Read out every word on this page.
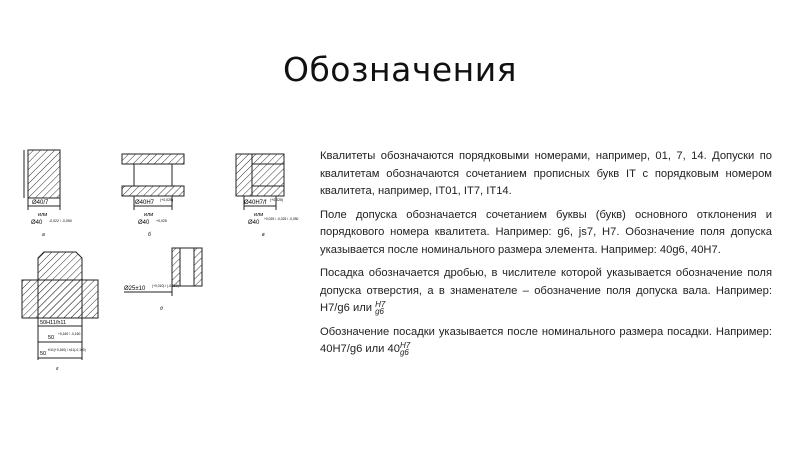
Обозначения
Ø40/7
или
Ø40 -0,022 / -0,050
а
Ø40H7 (+0,025)
или
Ø40 +0,025
б
Ø40H7/f (+0,025)
или
Ø40
+0,025 / -0,025 / -0,050
в
50H11/h11
50
+0,160 / -0,160
50
H11(+0,160) / h11(-0,160)
г
Ø25±10 (+0,010) / (-0,010)
д

Квалитеты обозначаются порядковыми номерами, например, 01, 7, 14. Допуски по квалитетам обозначаются сочетанием прописных букв IT с порядковым номером квалитета, например, IT01, IT7, IT14.

Поле допуска обозначается сочетанием буквы (букв) основного отклонения и порядкового номера квалитета. Например: g6, js7, H7. Обозначение поля допуска указывается после номинального размера элемента. Например: 40g6, 40H7.

Посадка обозначается дробью, в числителе которой указывается обозначение поля допуска отверстия, а в знаменателе – обозначение поля допуска вала. Например: H7/g6 или H7
g6

Обозначение посадки указывается после номинального размера посадки. Например: 40H7/g6 или 40 H7
g6
